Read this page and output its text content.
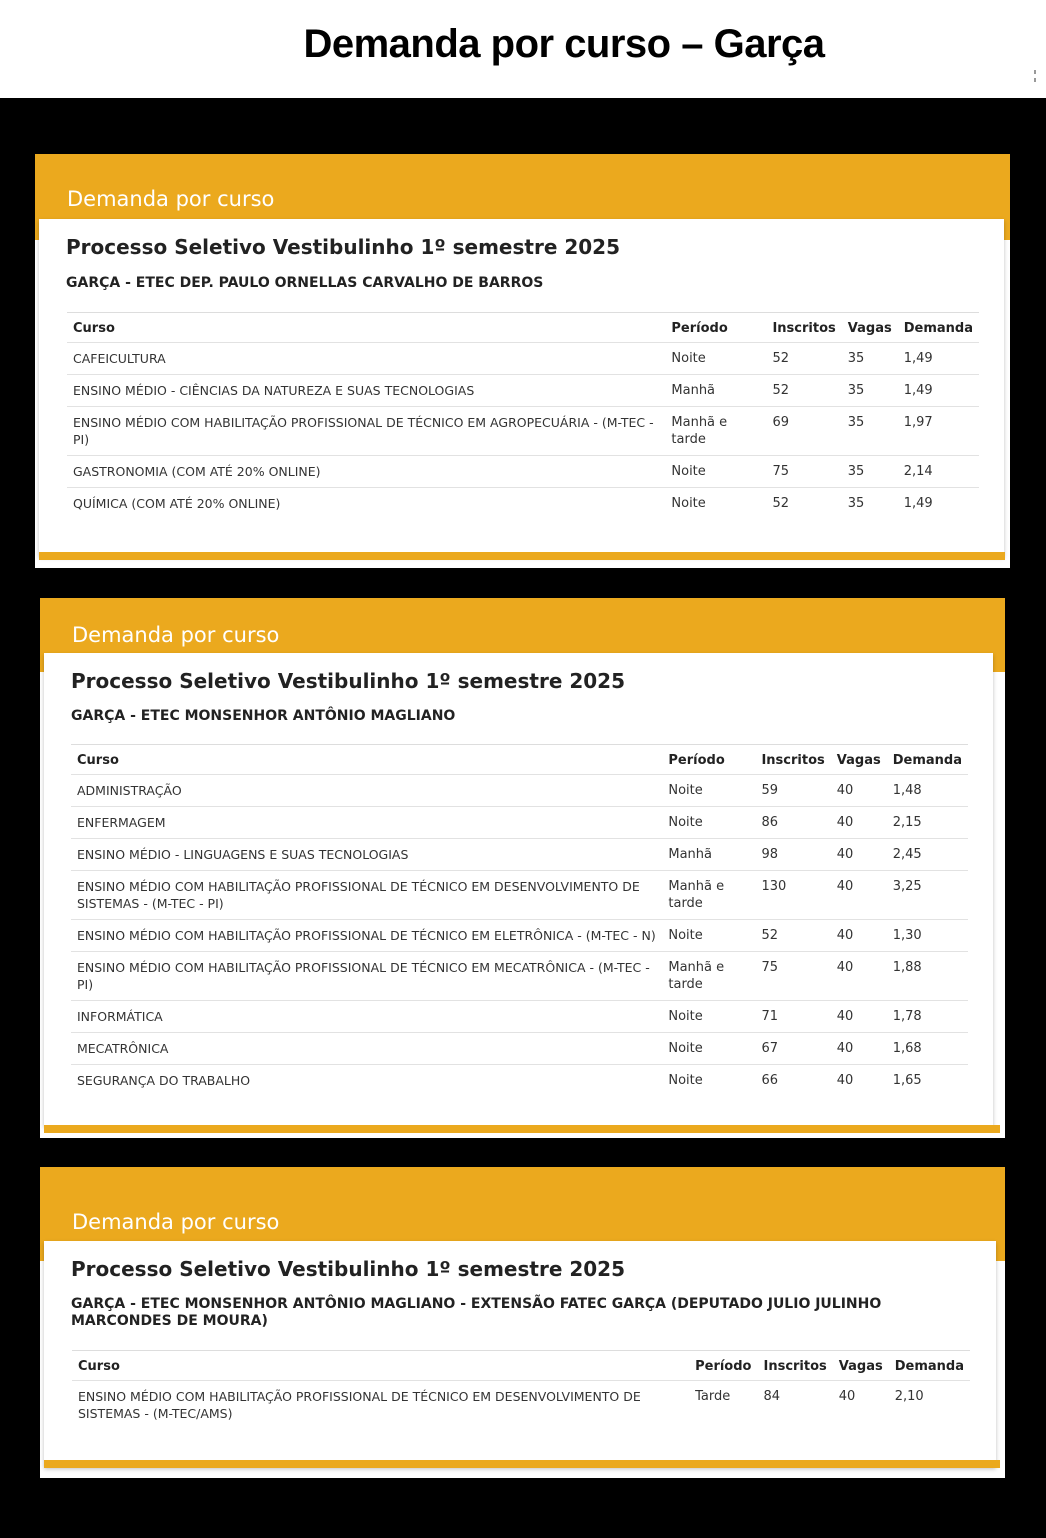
Demanda por curso – Garça
Demanda por curso
Processo Seletivo Vestibulinho 1º semestre 2025
GARÇA - ETEC DEP. PAULO ORNELLAS CARVALHO DE BARROS
Curso	Período	Inscritos	Vagas	Demanda
CAFEICULTURA	Noite	52	35	1,49
ENSINO MÉDIO - CIÊNCIAS DA NATUREZA E SUAS TECNOLOGIAS	Manhã	52	35	1,49
ENSINO MÉDIO COM HABILITAÇÃO PROFISSIONAL DE TÉCNICO EM AGROPECUÁRIA - (M-TEC - PI)	Manhã e tarde	69	35	1,97
GASTRONOMIA (COM ATÉ 20% ONLINE)	Noite	75	35	2,14
QUÍMICA (COM ATÉ 20% ONLINE)	Noite	52	35	1,49
Demanda por curso
Processo Seletivo Vestibulinho 1º semestre 2025
GARÇA - ETEC MONSENHOR ANTÔNIO MAGLIANO
Curso	Período	Inscritos	Vagas	Demanda
ADMINISTRAÇÃO	Noite	59	40	1,48
ENFERMAGEM	Noite	86	40	2,15
ENSINO MÉDIO - LINGUAGENS E SUAS TECNOLOGIAS	Manhã	98	40	2,45
ENSINO MÉDIO COM HABILITAÇÃO PROFISSIONAL DE TÉCNICO EM DESENVOLVIMENTO DE SISTEMAS - (M-TEC - PI)	Manhã e tarde	130	40	3,25
ENSINO MÉDIO COM HABILITAÇÃO PROFISSIONAL DE TÉCNICO EM ELETRÔNICA - (M-TEC - N)	Noite	52	40	1,30
ENSINO MÉDIO COM HABILITAÇÃO PROFISSIONAL DE TÉCNICO EM MECATRÔNICA - (M-TEC - PI)	Manhã e tarde	75	40	1,88
INFORMÁTICA	Noite	71	40	1,78
MECATRÔNICA	Noite	67	40	1,68
SEGURANÇA DO TRABALHO	Noite	66	40	1,65
Demanda por curso
Processo Seletivo Vestibulinho 1º semestre 2025
GARÇA - ETEC MONSENHOR ANTÔNIO MAGLIANO - EXTENSÃO FATEC GARÇA (DEPUTADO JULIO JULINHO MARCONDES DE MOURA)
Curso	Período	Inscritos	Vagas	Demanda
ENSINO MÉDIO COM HABILITAÇÃO PROFISSIONAL DE TÉCNICO EM DESENVOLVIMENTO DE SISTEMAS - (M-TEC/AMS)	Tarde	84	40	2,10
